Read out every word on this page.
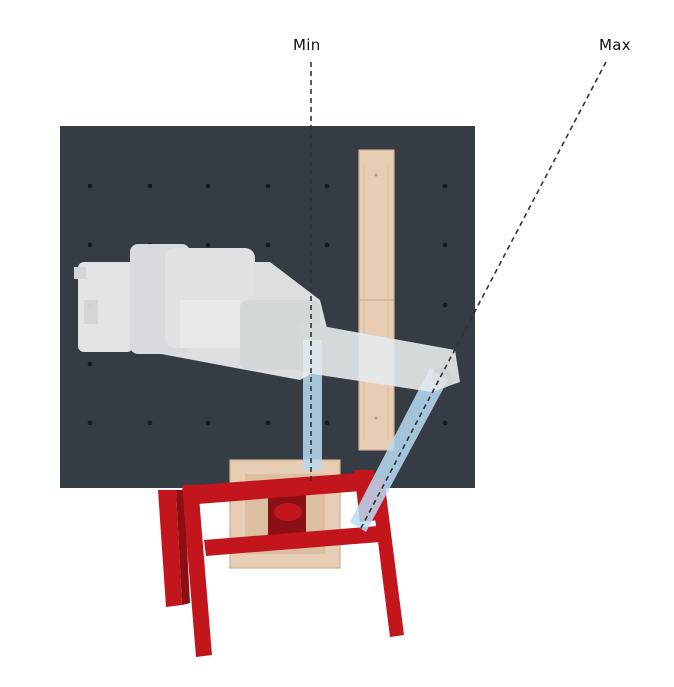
Min	Max
